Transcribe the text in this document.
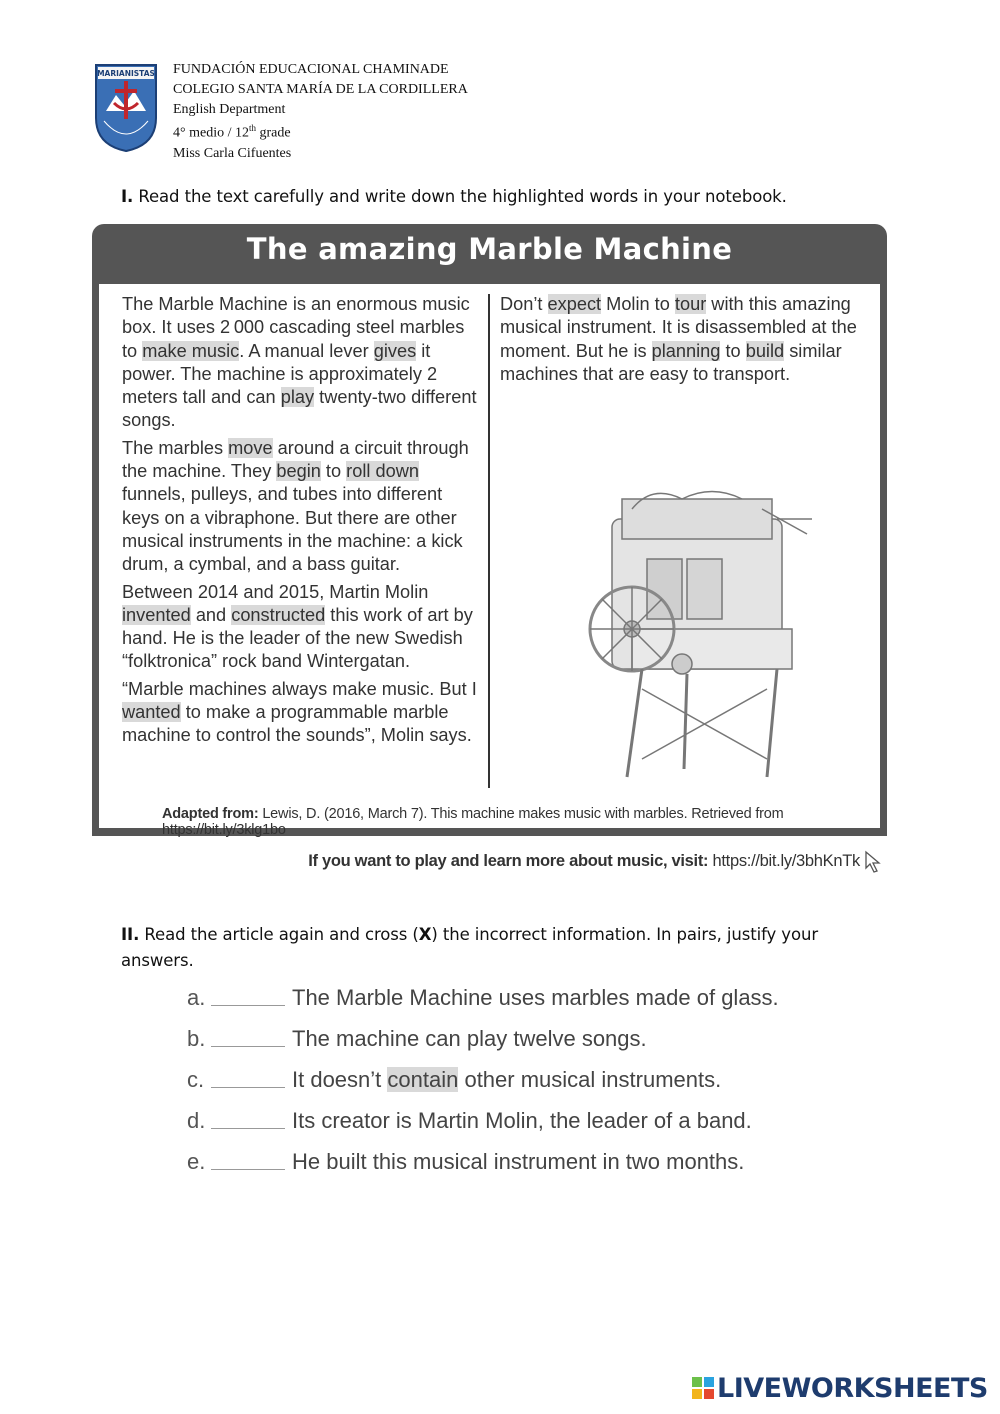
MARIANISTAS FUNDACIÓN EDUCACIONAL CHAMINADE
COLEGIO SANTA MARÍA DE LA CORDILLERA
English Department
4° medio / 12th grade
Miss Carla Cifuentes
I. Read the text carefully and write down the highlighted words in your notebook.
The amazing Marble Machine

The Marble Machine is an enormous music box. It uses 2 000 cascading steel marbles to make music. A manual lever gives it power. The machine is approximately 2 meters tall and can play twenty-two different songs.

The marbles move around a circuit through the machine. They begin to roll down funnels, pulleys, and tubes into different keys on a vibraphone. But there are other musical instruments in the machine: a kick drum, a cymbal, and a bass guitar.

Between 2014 and 2015, Martin Molin invented and constructed this work of art by hand. He is the leader of the new Swedish “folktronica” rock band Wintergatan.

“Marble machines always make music. But I wanted to make a programmable marble machine to control the sounds”, Molin says.

Don’t expect Molin to tour with this amazing musical instrument. It is disassembled at the moment. But he is planning to build similar machines that are easy to transport.

Adapted from: Lewis, D. (2016, March 7). This machine makes music with marbles. Retrieved from https://bit.ly/3klg1bo
If you want to play and learn more about music, visit: https://bit.ly/3bhKnTk
II. Read the article again and cross (X) the incorrect information. In pairs, justify your answers.
a.	The Marble Machine uses marbles made of glass.
b.	The machine can play twelve songs.
c.	It doesn’t contain other musical instruments.
d.	Its creator is Martin Molin, the leader of a band.
e.	He built this musical instrument in two months.
LIVEWORKSHEETS
